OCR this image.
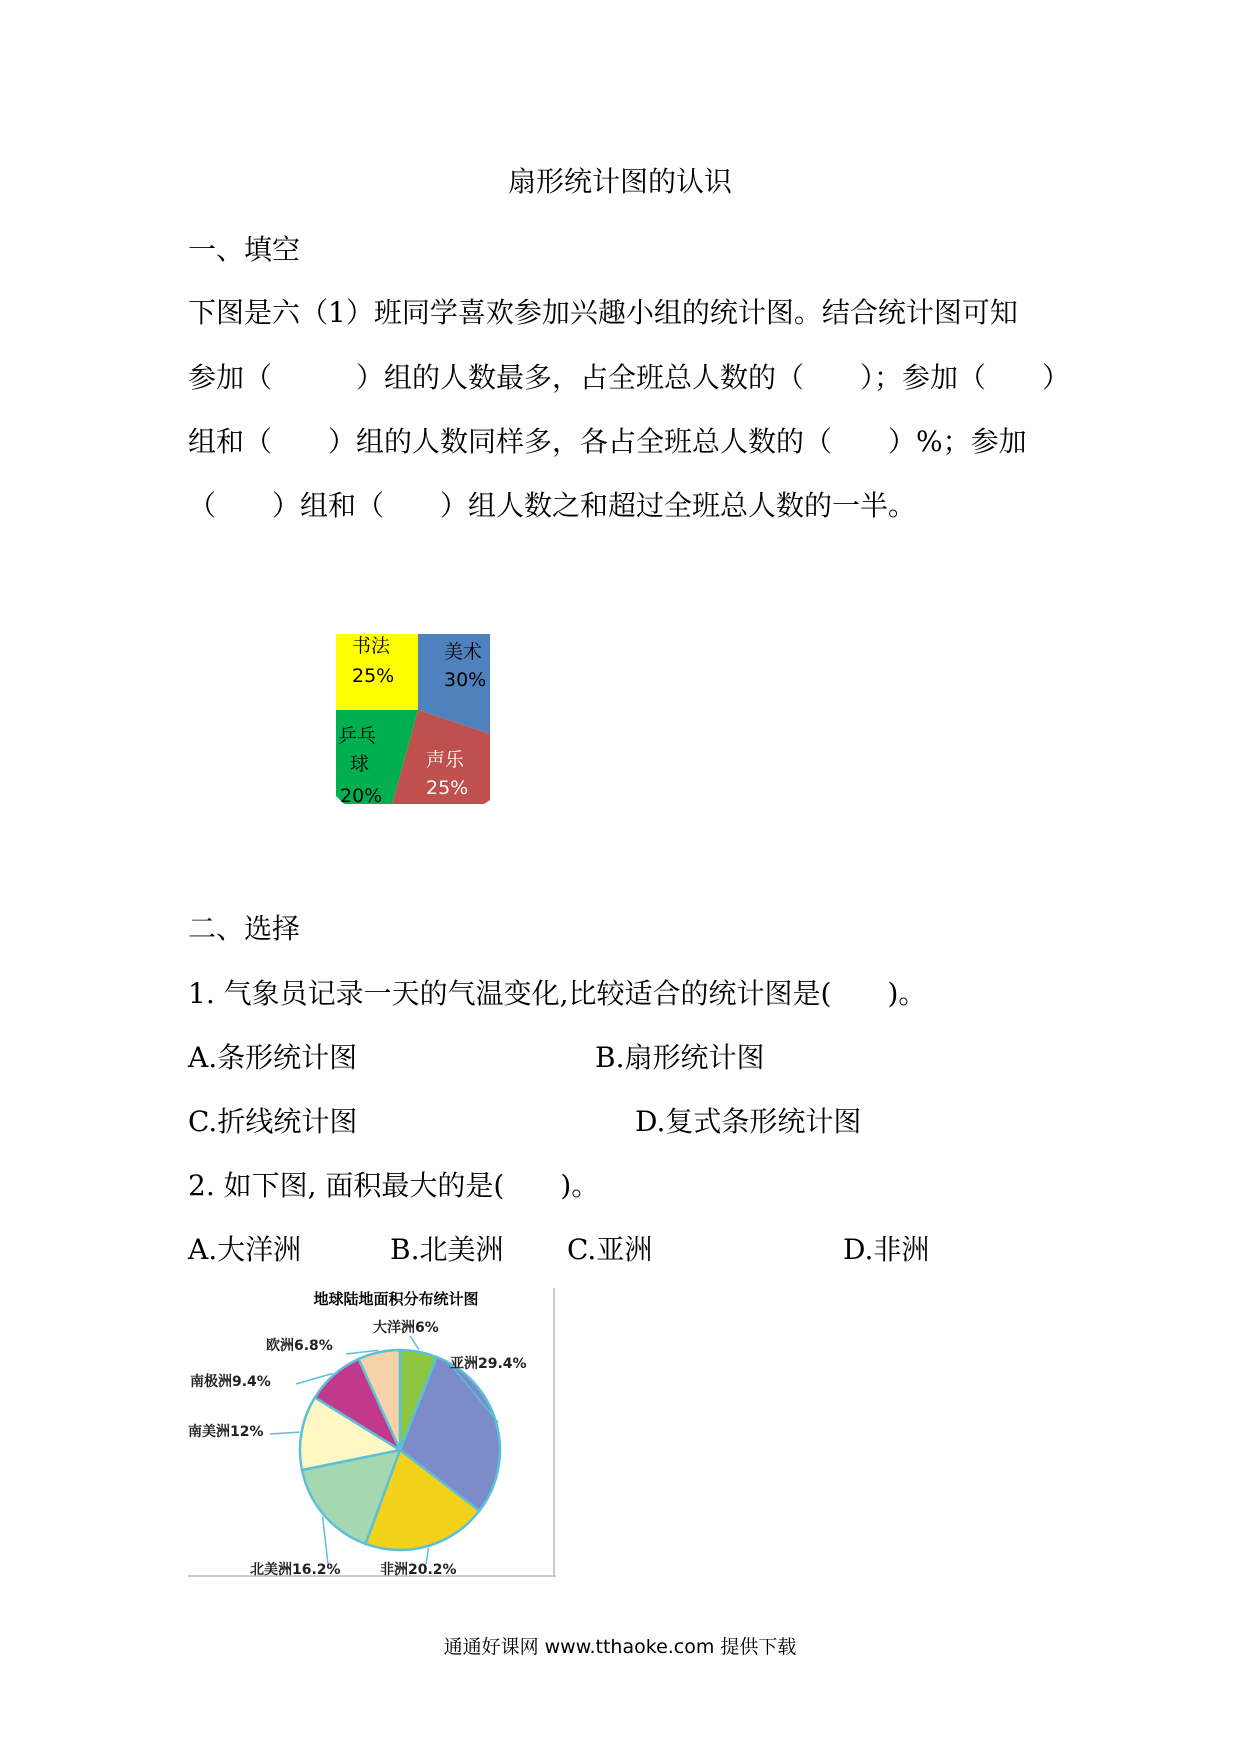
扇形统计图的认识
一、填空
下图是六（1）班同学喜欢参加兴趣小组的统计图。结合统计图可知
参加（　　　）组的人数最多，占全班总人数的（　　）；参加（　　）
组和（　　）组的人数同样多，各占全班总人数的（　　）%；参加
（　　）组和（　　）组人数之和超过全班总人数的一半。
书法
25%
美术
30%
乒乓
球
20%
声乐
25%
二、选择
1. 气象员记录一天的气温变化,比较适合的统计图是(　　)。
A.条形统计图	B.扇形统计图
C.折线统计图	D.复式条形统计图
2. 如下图, 面积最大的是(　　)。
A.大洋洲	B.北美洲 C.亚洲	D.非洲
地球陆地面积分布统计图
大洋洲6%
亚洲29.4%
非洲20.2%
北美洲16.2%
南美洲12%
南极洲9.4%
欧洲6.8%
通通好课网 www.tthaoke.com 提供下载
